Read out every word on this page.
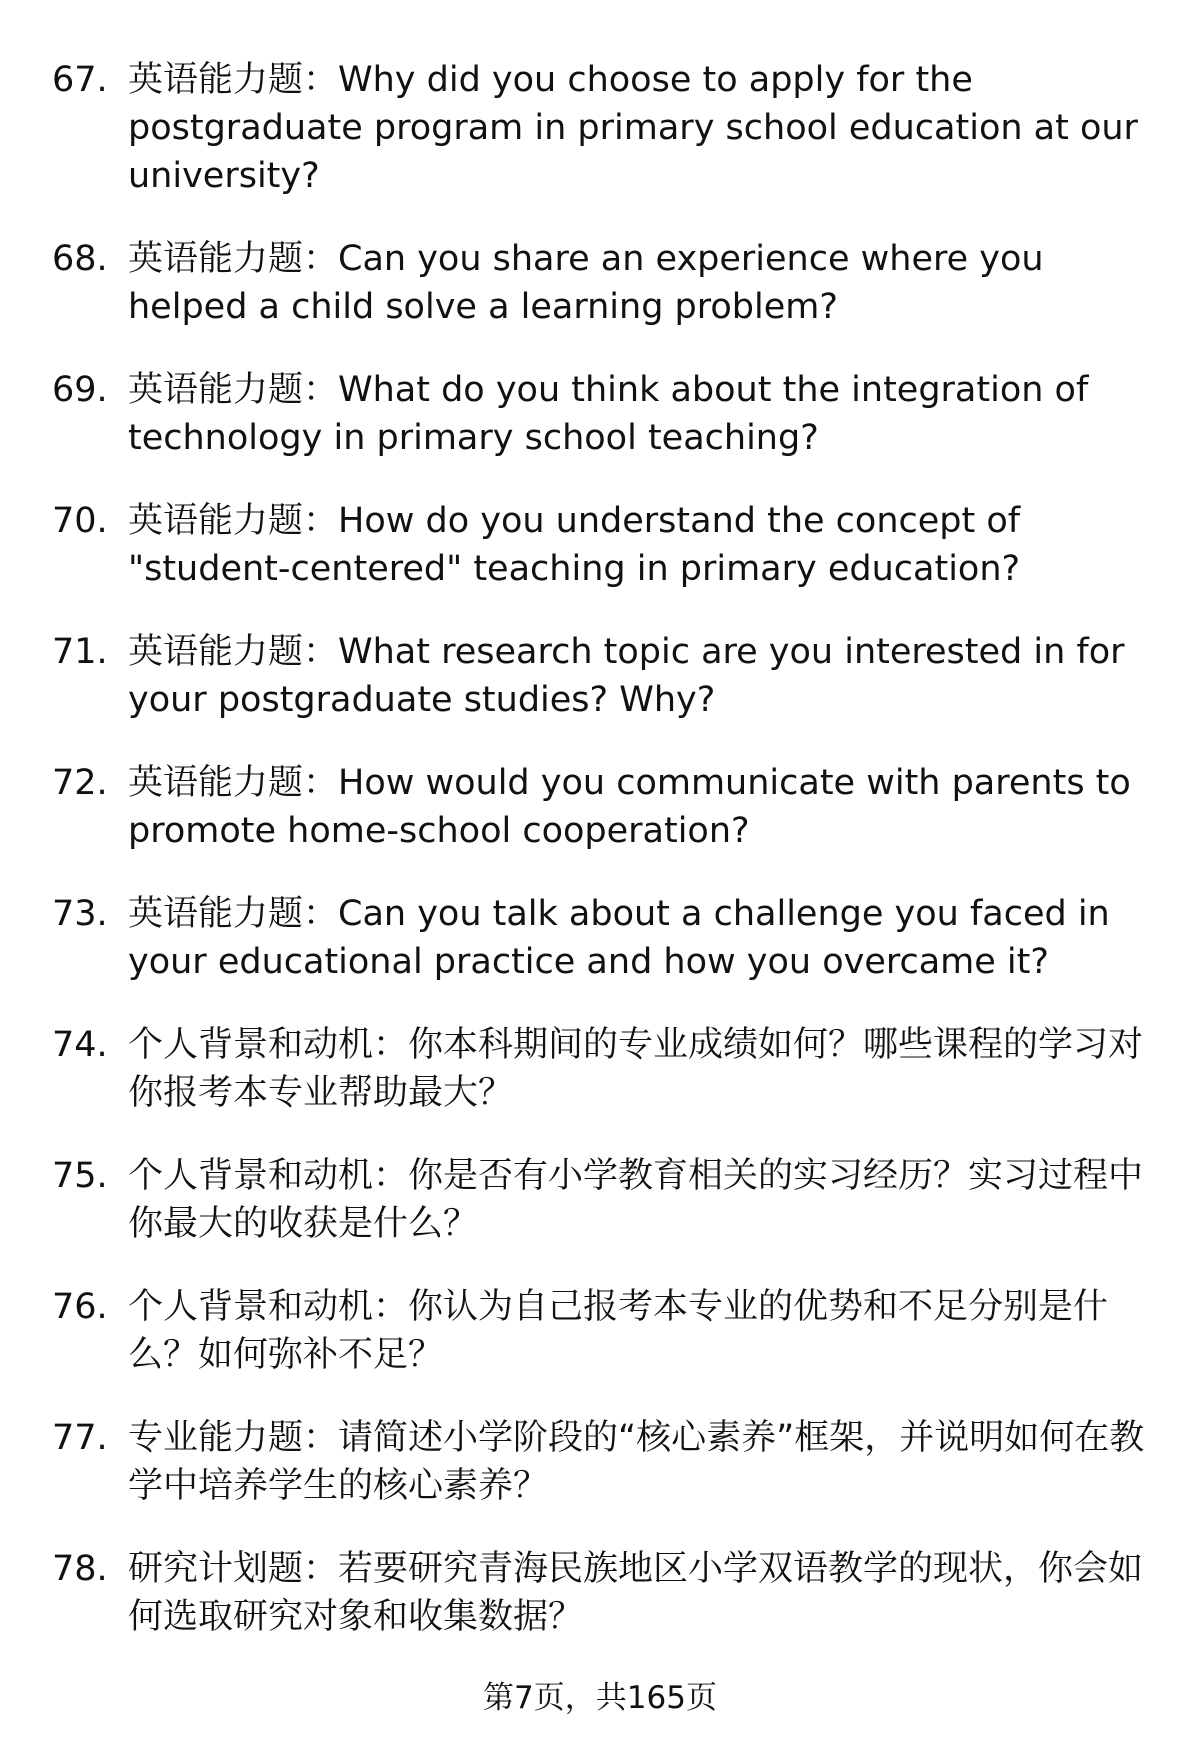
67. 英语能力题：Why did you choose to apply for the postgraduate program in primary school education at our university?
68. 英语能力题：Can you share an experience where you helped a child solve a learning problem?
69. 英语能力题：What do you think about the integration of technology in primary school teaching?
70. 英语能力题：How do you understand the concept of "student-centered" teaching in primary education?
71. 英语能力题：What research topic are you interested in for your postgraduate studies? Why?
72. 英语能力题：How would you communicate with parents to promote home-school cooperation?
73. 英语能力题：Can you talk about a challenge you faced in your educational practice and how you overcame it?
74. 个人背景和动机：你本科期间的专业成绩如何？哪些课程的学习对你报考本专业帮助最大？
75. 个人背景和动机：你是否有小学教育相关的实习经历？实习过程中你最大的收获是什么？
76. 个人背景和动机：你认为自己报考本专业的优势和不足分别是什么？如何弥补不足？
77. 专业能力题：请简述小学阶段的“核心素养”框架，并说明如何在教学中培养学生的核心素养？
78. 研究计划题：若要研究青海民族地区小学双语教学的现状，你会如何选取研究对象和收集数据？
第7页，共165页
